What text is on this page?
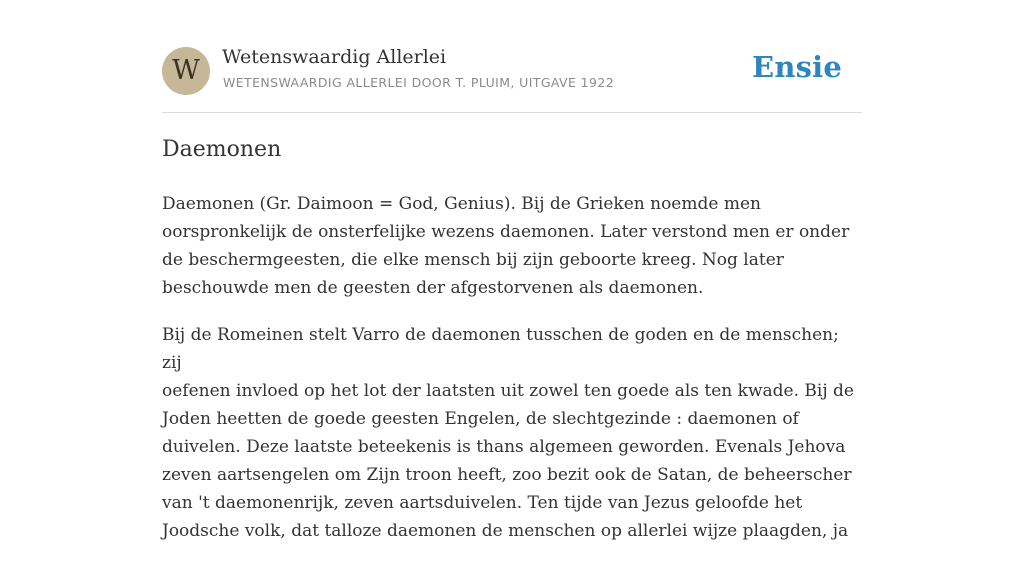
W	Wetenswaardig Allerlei
WETENSWAARDIG ALLERLEI DOOR T. PLUIM, UITGAVE 1922	Ensie
Daemonen

Daemonen (Gr. Daimoon = God, Genius). Bij de Grieken noemde men
oorspronkelijk de onsterfelijke wezens daemonen. Later verstond men er onder
de beschermgeesten, die elke mensch bij zijn geboorte kreeg. Nog later
beschouwde men de geesten der afgestorvenen als daemonen.

Bij de Romeinen stelt Varro de daemonen tusschen de goden en de menschen; zij
oefenen invloed op het lot der laatsten uit zowel ten goede als ten kwade. Bij de
Joden heetten de goede geesten Engelen, de slechtgezinde : daemonen of
duivelen. Deze laatste beteekenis is thans algemeen geworden. Evenals Jehova
zeven aartsengelen om Zijn troon heeft, zoo bezit ook de Satan, de beheerscher
van 't daemonenrijk, zeven aartsduivelen. Ten tijde van Jezus geloofde het
Joodsche volk, dat talloze daemonen de menschen op allerlei wijze plaagden, ja
